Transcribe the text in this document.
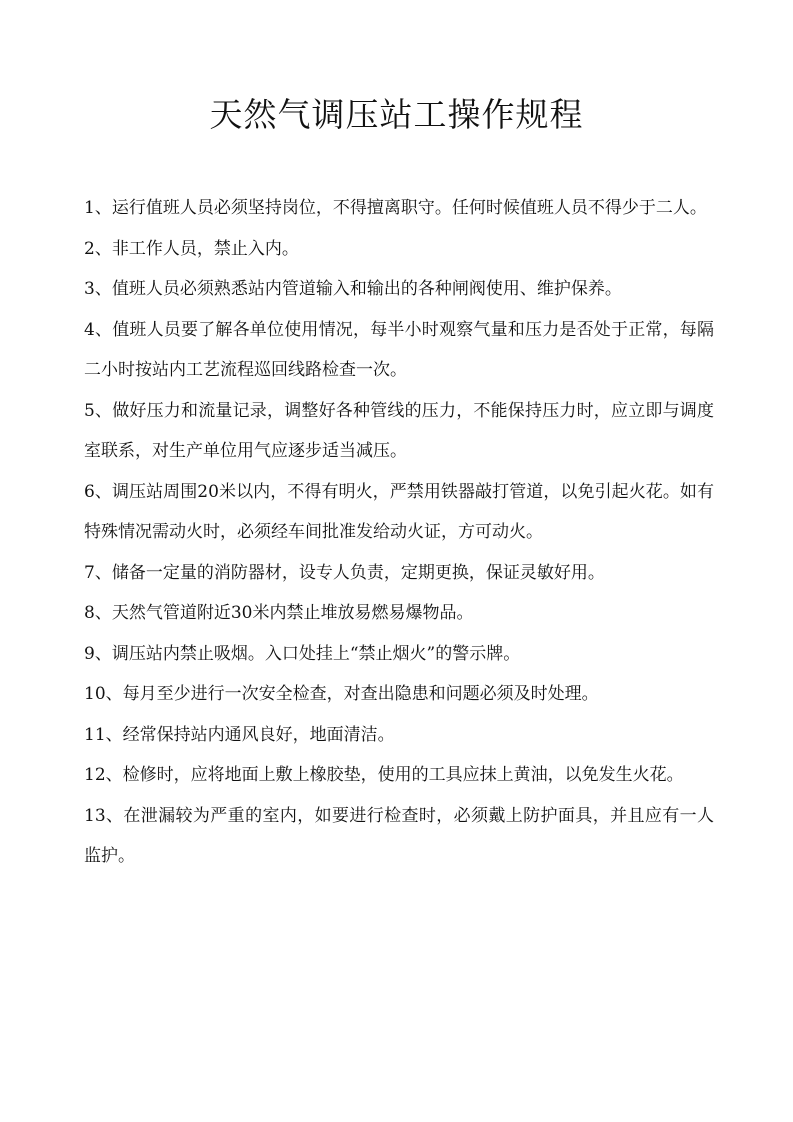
天然气调压站工操作规程
1、运行值班人员必须坚持岗位，不得擅离职守。任何时候值班人员不得少于二人。
2、非工作人员，禁止入内。
3、值班人员必须熟悉站内管道输入和输出的各种闸阀使用、维护保养。
4、值班人员要了解各单位使用情况，每半小时观察气量和压力是否处于正常，每隔二小时按站内工艺流程巡回线路检查一次。
5、做好压力和流量记录，调整好各种管线的压力，不能保持压力时，应立即与调度室联系，对生产单位用气应逐步适当减压。
6、调压站周围20米以内，不得有明火，严禁用铁器敲打管道，以免引起火花。如有特殊情况需动火时，必须经车间批准发给动火证，方可动火。
7、储备一定量的消防器材，设专人负责，定期更换，保证灵敏好用。
8、天然气管道附近30米内禁止堆放易燃易爆物品。
9、调压站内禁止吸烟。入口处挂上“禁止烟火”的警示牌。
10、每月至少进行一次安全检查，对查出隐患和问题必须及时处理。
11、经常保持站内通风良好，地面清洁。
12、检修时，应将地面上敷上橡胶垫，使用的工具应抹上黄油，以免发生火花。
13、在泄漏较为严重的室内，如要进行检查时，必须戴上防护面具，并且应有一人监护。
